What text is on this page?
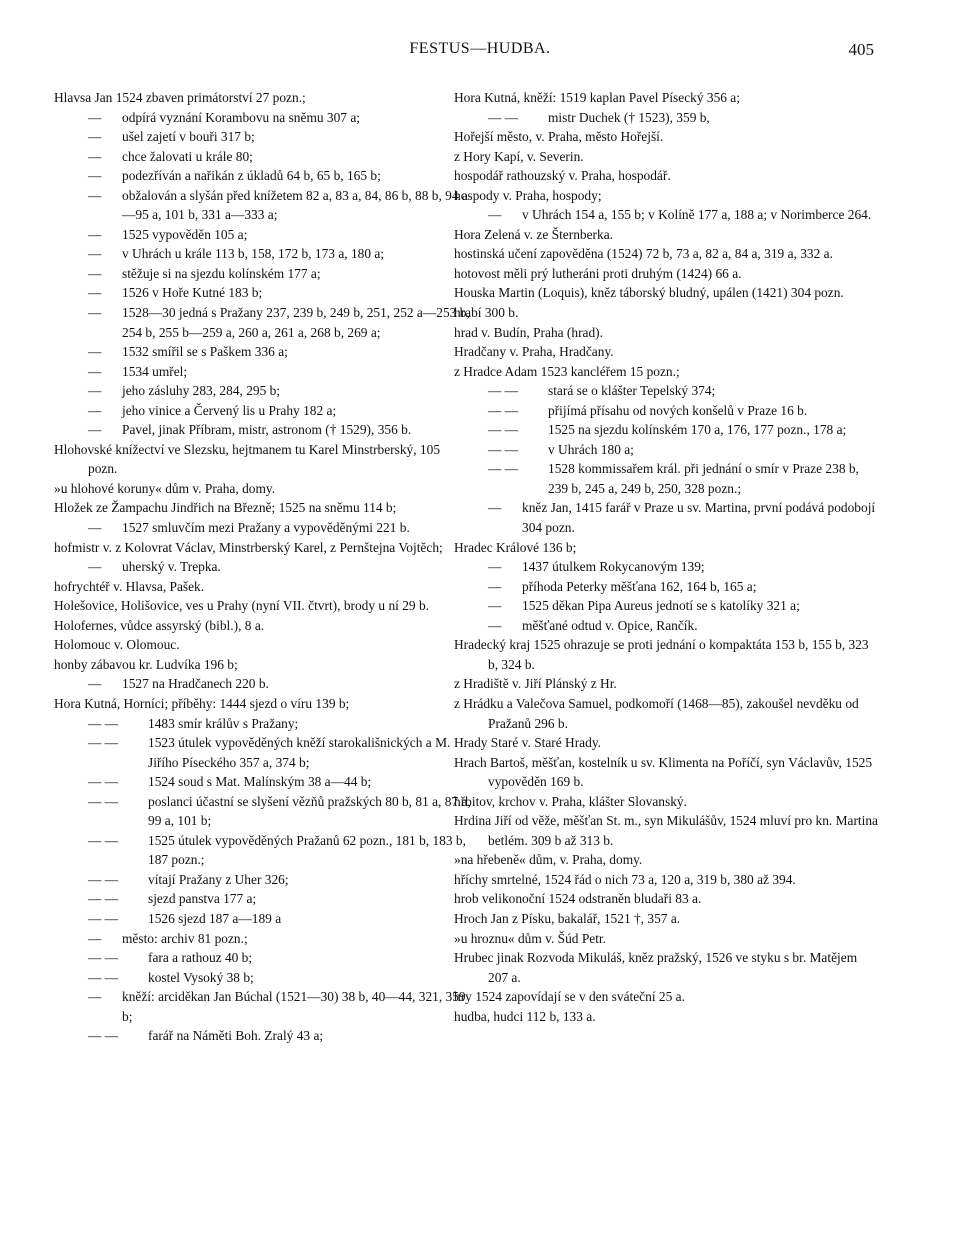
FESTUS—HUDBA.	405
Hlavsa Jan 1524 zbaven primátorství 27 pozn.;
— odpírá vyznání Korambovu na sněmu 307 a;
— ušel zajetí v bouři 317 b;
— chce žalovati u krále 80;
— podezříván a nařikán z úkladů 64 b, 65 b, 165 b;
— obžalován a slyšán před knížetem 82 a, 83 a, 84, 86 b, 88 b, 94 a—95 a, 101 b, 331 a—333 a;
— 1525 vypověděn 105 a;
— v Uhrách u krále 113 b, 158, 172 b, 173 a, 180 a;
— stěžuje si na sjezdu kolínském 177 a;
— 1526 v Hoře Kutné 183 b;
— 1528—30 jedná s Pražany 237, 239 b, 249 b, 251, 252 a—253 b, 254 b, 255 b—259 a, 260 a, 261 a, 268 b, 269 a;
— 1532 smířil se s Paškem 336 a;
— 1534 umřel;
— jeho zásluhy 283, 284, 295 b;
— jeho vinice a Červený lis u Prahy 182 a;
— Pavel, jinak Příbram, mistr, astronom († 1529), 356 b.
Hlohovské knížectví ve Slezsku, hejtmanem tu Karel Minstrberský, 105 pozn.
»u hlohové koruny« dům v. Praha, domy.
Hložek ze Žampachu Jindřich na Březně; 1525 na sněmu 114 b;
— 1527 smluvčím mezi Pražany a vypověděnými 221 b.
hofmistr v. z Kolovrat Václav, Minstrberský Karel, z Pernštejna Vojtěch;
— uherský v. Trepka.
hofrychtéř v. Hlavsa, Pašek.
Holešovice, Holišovice, ves u Prahy (nyní VII. čtvrt), brody u ní 29 b.
Holofernes, vůdce assyrský (bibl.), 8 a.
Holomouc v. Olomouc.
honby zábavou kr. Ludvíka 196 b;
— 1527 na Hradčanech 220 b.
Hora Kutná, Horníci; příběhy: 1444 sjezd o víru 139 b;
— — 1483 smír králův s Pražany;
— — 1523 útulek vypověděných kněží starokališnických a M. Jiřího Píseckého 357 a, 374 b;
— — 1524 soud s Mat. Malínským 38 a—44 b;
— — poslanci účastní se slyšení vězňů pražských 80 b, 81 a, 87 a, 99 a, 101 b;
— — 1525 útulek vypověděných Pražanů 62 pozn., 181 b, 183 b, 187 pozn.;
— — vítají Pražany z Uher 326;
— — sjezd panstva 177 a;
— — 1526 sjezd 187 a—189 a
— město: archiv 81 pozn.;
— — fara a rathouz 40 b;
— — kostel Vysoký 38 b;
— kněží: arciděkan Jan Búchal (1521—30) 38 b, 40—44, 321, 359 b;
— — farář na Náměti Boh. Zralý 43 a;
Hora Kutná, kněží: 1519 kaplan Pavel Písecký 356 a;
— — mistr Duchek († 1523), 359 b,
Hořejší město, v. Praha, město Hořejší.
z Hory Kapí, v. Severin.
hospodář rathouzský v. Praha, hospodář.
hospody v. Praha, hospody;
— v Uhrách 154 a, 155 b; v Kolíně 177 a, 188 a; v Norimberce 264.
Hora Zelená v. ze Šternberka.
hostinská učení zapověděna (1524) 72 b, 73 a, 82 a, 84 a, 319 a, 332 a.
hotovost měli prý lutheráni proti druhým (1424) 66 a.
Houska Martin (Loquis), kněz táborský bludný, upálen (1421) 304 pozn.
hrabí 300 b.
hrad v. Budín, Praha (hrad).
Hradčany v. Praha, Hradčany.
z Hradce Adam 1523 kancléřem 15 pozn.;
— — stará se o klášter Tepelský 374;
— — přijímá přísahu od nových konšelů v Praze 16 b.
— — 1525 na sjezdu kolínském 170 a, 176, 177 pozn., 178 a;
— — v Uhrách 180 a;
— — 1528 kommissařem král. při jednání o smír v Praze 238 b, 239 b, 245 a, 249 b, 250, 328 pozn.;
— kněz Jan, 1415 farář v Praze u sv. Martina, první podává podobojí 304 pozn.
Hradec Králové 136 b;
— 1437 útulkem Rokycanovým 139;
— příhoda Peterky měšťana 162, 164 b, 165 a;
— 1525 děkan Pipa Aureus jednotí se s katolíky 321 a;
— měšťané odtud v. Opice, Rančík.
Hradecký kraj 1525 ohrazuje se proti jednání o kompaktáta 153 b, 155 b, 323 b, 324 b.
z Hradiště v. Jiří Plánský z Hr.
z Hrádku a Valečova Samuel, podkomoří (1468—85), zakoušel nevděku od Pražanů 296 b.
Hrady Staré v. Staré Hrady.
Hrach Bartoš, měšťan, kostelník u sv. Klimenta na Poříčí, syn Václavův, 1525 vypověděn 169 b.
hřbitov, krchov v. Praha, klášter Slovanský.
Hrdina Jiří od věže, měšťan St. m., syn Mikulášův, 1524 mluví pro kn. Martina betlém. 309 b až 313 b.
»na hřebeně« dům, v. Praha, domy.
hříchy smrtelné, 1524 řád o nich 73 a, 120 a, 319 b, 380 až 394.
hrob velikonoční 1524 odstraněn bludaři 83 a.
Hroch Jan z Písku, bakalář, 1521 †, 357 a.
»u hroznu« dům v. Šúd Petr.
Hrubec jinak Rozvoda Mikuláš, kněz pražský, 1526 ve styku s br. Matějem 207 a.
hry 1524 zapovídají se v den sváteční 25 a.
hudba, hudci 112 b, 133 a.
